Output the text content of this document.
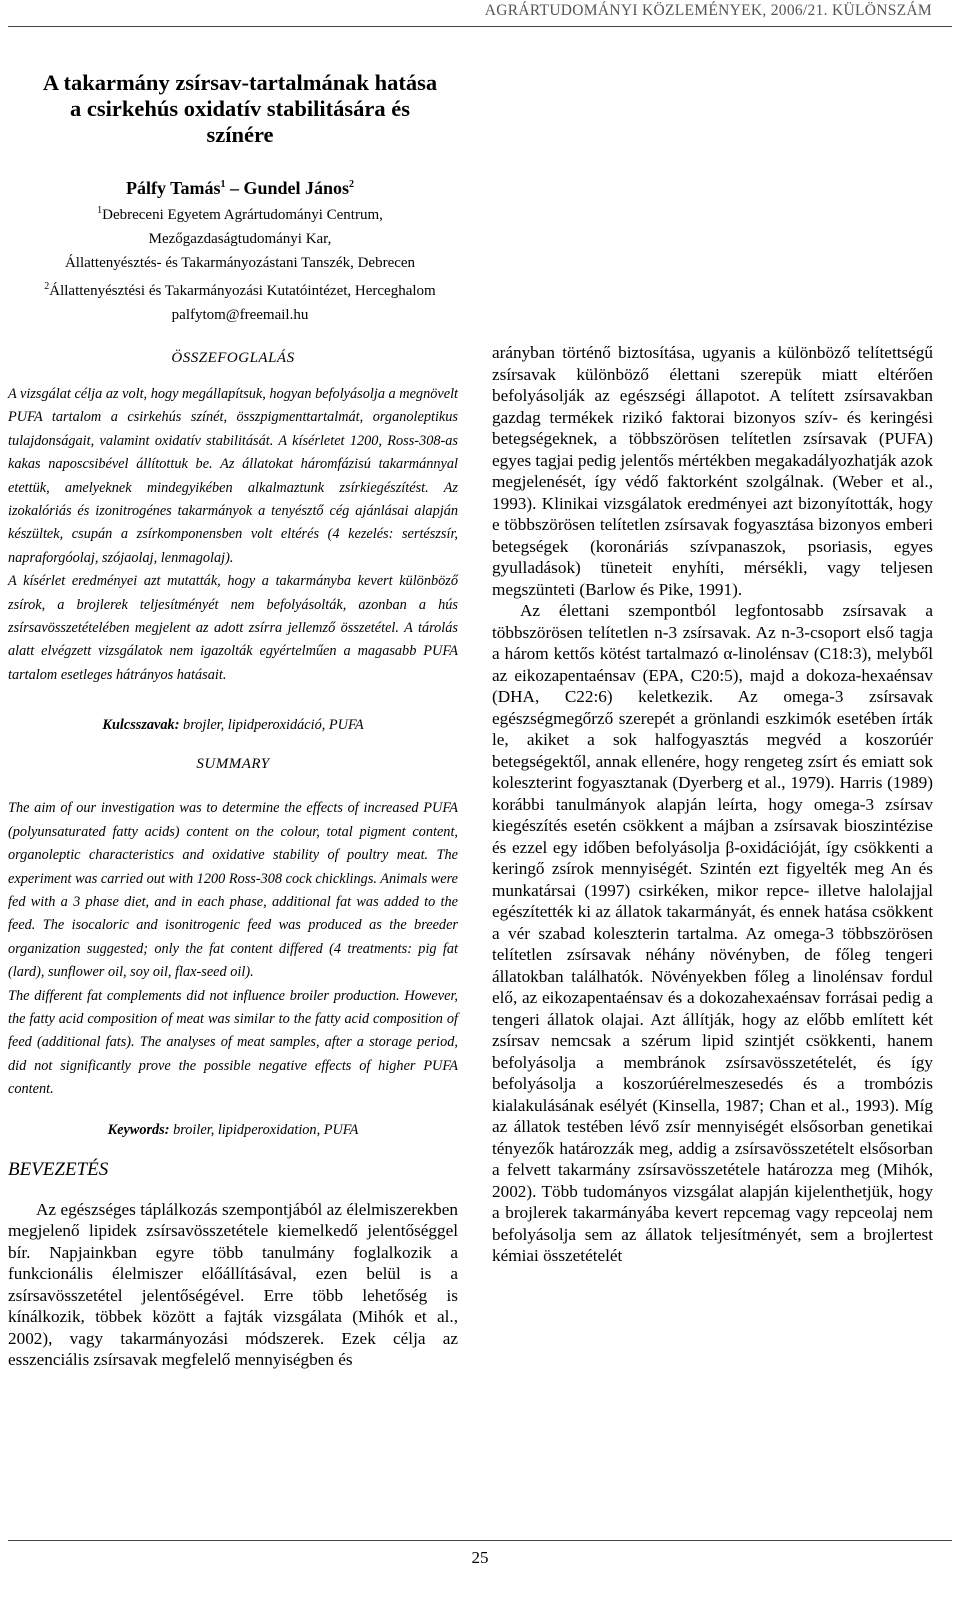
AGRÁRTUDOMÁNYI KÖZLEMÉNYEK, 2006/21. KÜLÖNSZÁM
A takarmány zsírsav-tartalmának hatása
a csirkehús oxidatív stabilitására és
színére
Pálfy Tamás$^1$ – Gundel János$^2$
$^1$Debreceni Egyetem Agrártudományi Centrum,
Mezőgazdaságtudományi Kar,
Állattenyésztés- és Takarmányozástani Tanszék, Debrecen
$^2$Állattenyésztési és Takarmányozási Kutatóintézet, Herceghalom
palfytom@freemail.hu

ÖSSZEFOGLALÁS

A vizsgálat célja az volt, hogy megállapítsuk, hogyan befolyásolja a megnövelt PUFA tartalom a csirkehús színét, összpigmenttartalmát, organoleptikus tulajdonságait, valamint oxidatív stabilitását. A kísérletet 1200, Ross-308-as kakas naposcsibével állítottuk be. Az állatokat háromfázisú takarmánnyal etettük, amelyeknek mindegyikében alkalmaztunk zsírkiegészítést. Az izokalóriás és izonitrogénes takarmányok a tenyésztő cég ajánlásai alapján készültek, csupán a zsírkomponensben volt eltérés (4 kezelés: sertészsír, napraforgóolaj, szójaolaj, lenmagolaj).

A kísérlet eredményei azt mutatták, hogy a takarmányba kevert különböző zsírok, a brojlerek teljesítményét nem befolyásolták, azonban a hús zsírsavösszetételében megjelent az adott zsírra jellemző összetétel. A tárolás alatt elvégzett vizsgálatok nem igazolták egyértelműen a magasabb PUFA tartalom esetleges hátrányos hatásait.

Kulcsszavak: brojler, lipidperoxidáció, PUFA

SUMMARY

The aim of our investigation was to determine the effects of increased PUFA (polyunsaturated fatty acids) content on the colour, total pigment content, organoleptic characteristics and oxidative stability of poultry meat. The experiment was carried out with 1200 Ross-308 cock chicklings. Animals were fed with a 3 phase diet, and in each phase, additional fat was added to the feed. The isocaloric and isonitrogenic feed was produced as the breeder organization suggested; only the fat content differed (4 treatments: pig fat (lard), sunflower oil, soy oil, flax-seed oil).

The different fat complements did not influence broiler production. However, the fatty acid composition of meat was similar to the fatty acid composition of feed (additional fats). The analyses of meat samples, after a storage period, did not significantly prove the possible negative effects of higher PUFA content.

Keywords: broiler, lipidperoxidation, PUFA

BEVEZETÉS

Az egészséges táplálkozás szempontjából az élelmiszerekben megjelenő lipidek zsírsavösszetétele kiemelkedő jelentőséggel bír. Napjainkban egyre több tanulmány foglalkozik a funkcionális élelmiszer előállításával, ezen belül is a zsírsavösszetétel jelentőségével. Erre több lehetőség is kínálkozik, többek között a fajták vizsgálata (Mihók et al., 2002), vagy takarmányozási módszerek. Ezek célja az esszenciális zsírsavak megfelelő mennyiségben és

arányban történő biztosítása, ugyanis a különböző telítettségű zsírsavak különböző élettani szerepük miatt eltérően befolyásolják az egészségi állapotot. A telített zsírsavakban gazdag termékek rizikó faktorai bizonyos szív- és keringési betegségeknek, a többszörösen telítetlen zsírsavak (PUFA) egyes tagjai pedig jelentős mértékben megakadályozhatják azok megjelenését, így védő faktorként szolgálnak. (Weber et al., 1993). Klinikai vizsgálatok eredményei azt bizonyították, hogy e többszörösen telítetlen zsírsavak fogyasztása bizonyos emberi betegségek (koronáriás szívpanaszok, psoriasis, egyes gyulladások) tüneteit enyhíti, mérsékli, vagy teljesen megszünteti (Barlow és Pike, 1991).

Az élettani szempontból legfontosabb zsírsavak a többszörösen telítetlen n-3 zsírsavak. Az n-3-csoport első tagja a három kettős kötést tartalmazó α-linolénsav (C18:3), melyből az eikozapentaénsav (EPA, C20:5), majd a dokoza-hexaénsav (DHA, C22:6) keletkezik. Az omega-3 zsírsavak egészségmegőrző szerepét a grönlandi eszkimók esetében írták le, akiket a sok halfogyasztás megvéd a koszorúér betegségektől, annak ellenére, hogy rengeteg zsírt és emiatt sok koleszterint fogyasztanak (Dyerberg et al., 1979). Harris (1989) korábbi tanulmányok alapján leírta, hogy omega-3 zsírsav kiegészítés esetén csökkent a májban a zsírsavak bioszintézise és ezzel egy időben befolyásolja β-oxidációját, így csökkenti a keringő zsírok mennyiségét. Szintén ezt figyelték meg An és munkatársai (1997) csirkéken, mikor repce- illetve halolajjal egészítették ki az állatok takarmányát, és ennek hatása csökkent a vér szabad koleszterin tartalma. Az omega-3 többszörösen telítetlen zsírsavak néhány növényben, de főleg tengeri állatokban találhatók. Növényekben főleg a linolénsav fordul elő, az eikozapentaénsav és a dokozahexaénsav forrásai pedig a tengeri állatok olajai. Azt állítják, hogy az előbb említett két zsírsav nemcsak a szérum lipid szintjét csökkenti, hanem befolyásolja a membránok zsírsavösszetételét, és így befolyásolja a koszorúérelmeszesedés és a trombózis kialakulásának esélyét (Kinsella, 1987; Chan et al., 1993). Míg az állatok testében lévő zsír mennyiségét elsősorban genetikai tényezők határozzák meg, addig a zsírsavösszetételt elsősorban a felvett takarmány zsírsavösszetétele határozza meg (Mihók, 2002). Több tudományos vizsgálat alapján kijelenthetjük, hogy a brojlerek takarmányába kevert repcemag vagy repceolaj nem befolyásolja sem az állatok teljesítményét, sem a brojlertest kémiai összetételét

25
